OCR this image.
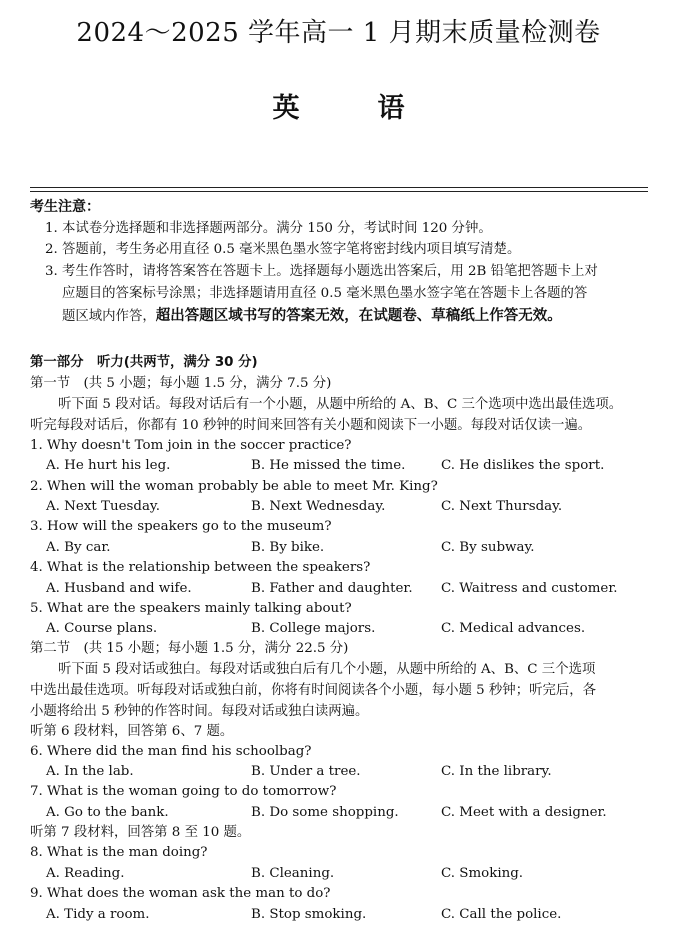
2024～2025 学年高一 1 月期末质量检测卷
英	语
考生注意：
1. 本试卷分选择题和非选择题两部分。满分 150 分，考试时间 120 分钟。
2. 答题前，考生务必用直径 0.5 毫米黑色墨水签字笔将密封线内项目填写清楚。
3. 考生作答时，请将答案答在答题卡上。选择题每小题选出答案后，用 2B 铅笔把答题卡上对
应题目的答案标号涂黑；非选择题请用直径 0.5 毫米黑色墨水签字笔在答题卡上各题的答
题区域内作答，超出答题区域书写的答案无效，在试题卷、草稿纸上作答无效。
第一部分　听力(共两节，满分 30 分)
第一节　(共 5 小题；每小题 1.5 分，满分 7.5 分)
听下面 5 段对话。每段对话后有一个小题，从题中所给的 A、B、C 三个选项中选出最佳选项。
听完每段对话后，你都有 10 秒钟的时间来回答有关小题和阅读下一小题。每段对话仅读一遍。
1. Why doesn't Tom join in the soccer practice?
A. He hurt his leg.	B. He missed the time.	C. He dislikes the sport.
2. When will the woman probably be able to meet Mr. King?
A. Next Tuesday.	B. Next Wednesday.	C. Next Thursday.
3. How will the speakers go to the museum?
A. By car.	B. By bike.	C. By subway.
4. What is the relationship between the speakers?
A. Husband and wife.	B. Father and daughter. C. Waitress and customer.
5. What are the speakers mainly talking about?
A. Course plans.	B. College majors.	C. Medical advances.
第二节　(共 15 小题；每小题 1.5 分，满分 22.5 分)
听下面 5 段对话或独白。每段对话或独白后有几个小题，从题中所给的 A、B、C 三个选项
中选出最佳选项。听每段对话或独白前，你将有时间阅读各个小题，每小题 5 秒钟；听完后，各
小题将给出 5 秒钟的作答时间。每段对话或独白读两遍。
听第 6 段材料，回答第 6、7 题。
6. Where did the man find his schoolbag?
A. In the lab.	B. Under a tree.	C. In the library.
7. What is the woman going to do tomorrow?
A. Go to the bank.	B. Do some shopping.	C. Meet with a designer.
听第 7 段材料，回答第 8 至 10 题。
8. What is the man doing?
A. Reading.	B. Cleaning.	C. Smoking.
9. What does the woman ask the man to do?
A. Tidy a room.	B. Stop smoking.	C. Call the police.
